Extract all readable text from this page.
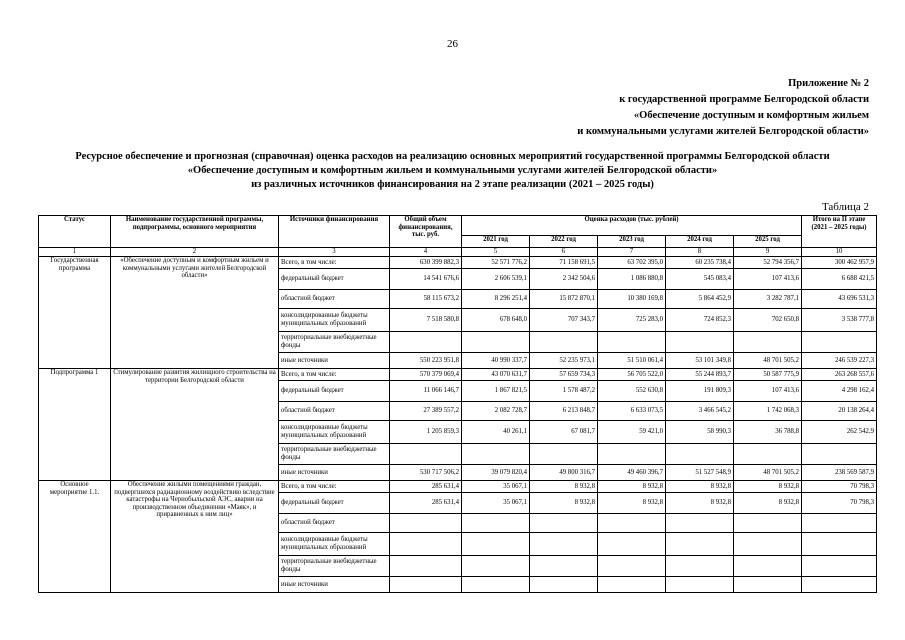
26
Приложение № 2
к государственной программе Белгородской области
«Обеспечение доступным и комфортным жильем
и коммунальными услугами жителей Белгородской области»
Ресурсное обеспечение и прогнозная (справочная) оценка расходов на реализацию основных мероприятий государственной программы Белгородской области
«Обеспечение доступным и комфортным жильем и коммунальными услугами жителей Белгородской области»
из различных источников финансирования на 2 этапе реализации (2021 – 2025 годы)
Таблица 2
Статус	Наименование государственной программы, подпрограммы, основного мероприятия	Источники финансирования	Общий объем финансирования, тыс. руб.	Оценка расходов (тыс. рублей)					Итого на II этапе (2021 – 2025 годы)
				2021 год	2022 год	2023 год	2024 год	2025 год	
1	2	3	4	5	6	7	8	9	10
Государственная программа	«Обеспечение доступным и комфортным жильем и коммунальными услугами жителей Белгородской области»	Всего, в том числе:	630 399 882,3	52 571 776,2	71 158 691,5	63 702 395,0	60 235 738,4	52 794 356,7	300 462 957,9
		федеральный бюджет	14 541 676,6	2 606 539,1	2 342 504,6	1 086 880,8	545 083,4	107 413,6	6 688 421,5
		областной бюджет	58 115 673,2	8 296 251,4	15 872 870,1	10 380 169,8	5 864 452,9	3 282 787,1	43 696 531,3
		консолидированные бюджеты муниципальных образований	7 518 580,8	678 648,0	707 343,7	725 283,0	724 852,3	702 650,8	3 538 777,8
		территориальные внебюджетные фонды							
		иные источники	550 223 951,8	40 990 337,7	52 235 973,1	51 510 061,4	53 101 349,8	48 701 505,2	246 539 227,3
Подпрограмма 1	Стимулирование развития жилищного строительства на территории Белгородской области	Всего, в том числе:	570 379 069,4	43 070 631,7	57 659 734,3	56 705 522,0	55 244 893,7	50 587 775,9	263 268 557,6
		федеральный бюджет	11 066 146,7	1 867 821,5	1 578 487,2	552 630,8	191 809,3	107 413,6	4 298 162,4
		областной бюджет	27 389 557,2	2 082 728,7	6 213 848,7	6 633 073,5	3 466 545,2	1 742 068,3	20 138 264,4
		консолидированные бюджеты муниципальных образований	1 205 859,3	40 261,1	67 081,7	59 421,0	58 990,3	36 788,8	262 542,9
		территориальные внебюджетные фонды							
		иные источники	530 717 506,2	39 079 820,4	49 800 316,7	49 460 396,7	51 527 548,9	48 701 505,2	238 569 587,9
Основное мероприятие 1.1.	Обеспечение жилыми помещениями граждан, подвергшихся радиационному воздействию вследствие катастрофы на Чернобыльской АЭС, аварии на производственном объединении «Маяк», и приравненных к ним лиц»	Всего, в том числе:	285 631,4	35 067,1	8 932,8	8 932,8	8 932,8	8 932,8	70 798,3
		федеральный бюджет	285 631,4	35 067,1	8 932,8	8 932,8	8 932,8	8 932,8	70 798,3
		областной бюджет							
		консолидированные бюджеты муниципальных образований							
		территориальные внебюджетные фонды							
		иные источники							
